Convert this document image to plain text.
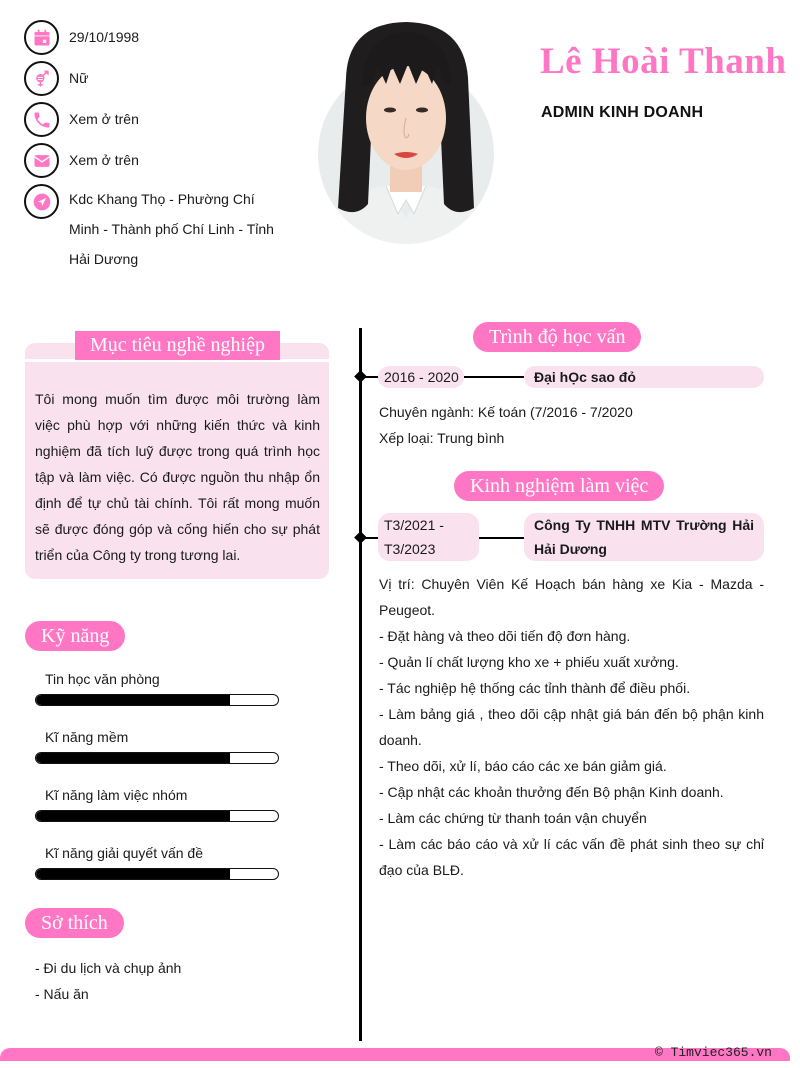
29/10/1998
Nữ
Xem ở trên
Xem ở trên
Kdc Khang Thọ - Phường Chí
Minh - Thành phố Chí Linh - Tỉnh
Hải Dương
Lê Hoài Thanh
ADMIN KINH DOANH
Mục tiêu nghề nghiệp
Tôi mong muốn tìm được môi trường làm việc phù hợp với những kiến thức và kinh nghiệm đã tích luỹ được trong quá trình học tập và làm việc. Có được nguồn thu nhập ổn định để tự chủ tài chính. Tôi rất mong muốn sẽ được đóng góp và cống hiến cho sự phát triển của Công ty trong tương lai.
Kỹ năng
Tin học văn phòng
Kĩ năng mềm
Kĩ năng làm việc nhóm
Kĩ năng giải quyết vấn đề
Sở thích
- Đi du lịch và chụp ảnh
- Nấu ăn
Trình độ học vấn
2016 - 2020	Đại hỌc sao đỏ
Chuyên ngành: Kế toán (7/2016 - 7/2020
Xếp loại: Trung bình
Kinh nghiệm làm việc
T3/2021 -
T3/2023
Công Ty TNHH MTV Trường Hải
Hải Dương

Vị trí: Chuyên Viên Kế Hoạch bán hàng xe Kia - Mazda - Peugeot.

- Đặt hàng và theo dõi tiến độ đơn hàng.

- Quản lí chất lượng kho xe + phiếu xuất xưởng.

- Tác nghiệp hệ thống các tỉnh thành để điều phối.

- Làm bảng giá , theo dõi cập nhật giá bán đến bộ phận kinh doanh.

- Theo dõi, xử lí, báo cáo các xe bán giảm giá.

- Cập nhật các khoản thưởng đến Bộ phận Kinh doanh.

- Làm các chứng từ thanh toán vận chuyển

- Làm các báo cáo và xử lí các vấn đề phát sinh theo sự chỉ đạo của BLĐ.

© Timviec365.vn
